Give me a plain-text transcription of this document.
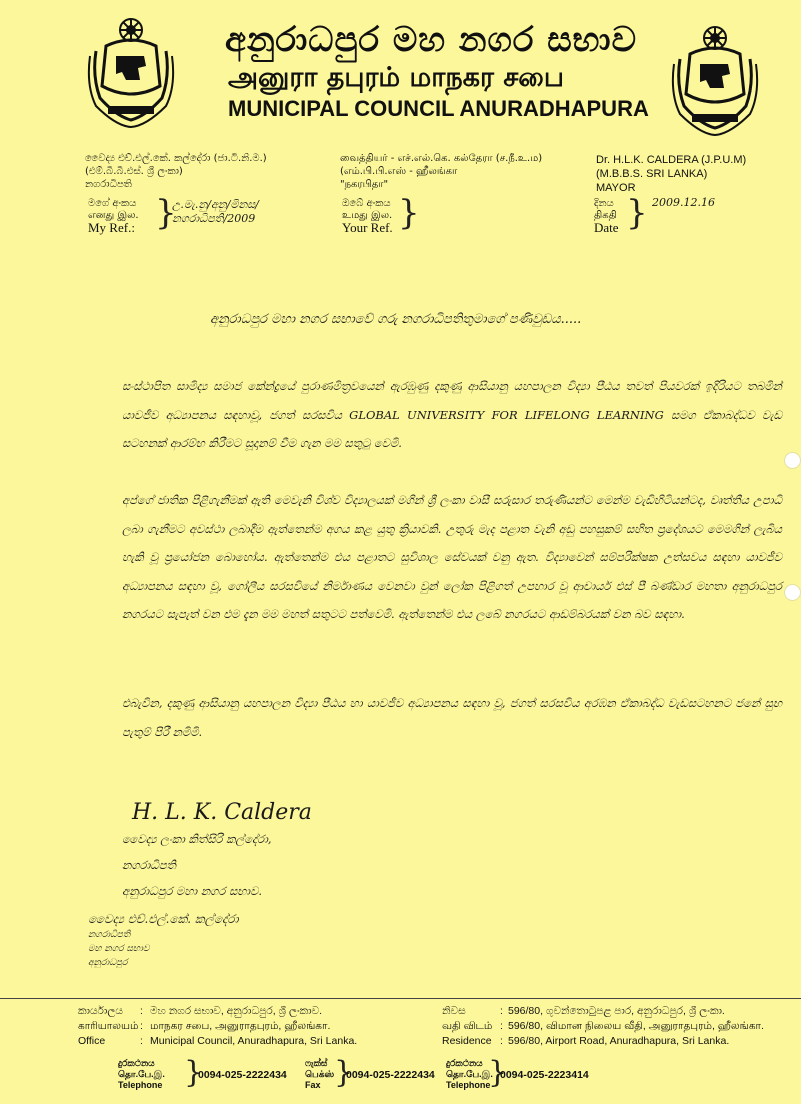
අනුරාධපුර මහ නගර සභාව
அனுரா தபுரம் மாநகர சபை
MUNICIPAL COUNCIL ANURADHAPURA
වෛද්‍ය එච්.එල්.කේ. කල්දේරා (ජා.ටි.නි.ම.)
(එම්.බී.බී.එස්. ශ්‍රී ලංකා)
නගරාධිපති
வைத்தியர் - எச்.எல்.கெ. கல்தேரா (ச.நீ.உ.ம)
(எம்.பி.பி.எஸ் - ஹீலங்கா
"நகரபிதா"
Dr. H.L.K. CALDERA (J.P.U.M)
(M.B.B.S. SRI LANKA)
MAYOR
මගේ අංකය
எனது இல.
My Ref.: }
උ.මැ.නු/අනු/මිනස/
නගරාධිපති/2009
ඔබේ අංකය
உமது இல.
Your Ref. }	දිනය
திகதி
Date } 2009.12.16
අනුරාධපුර මහා නගර සභාවේ ගරු නගරාධිපතිතුමාගේ පණිවුඩය.....
සංස්ථාපිත සාමිද්‍ය සමාජ කේන්ද්‍රයේ පුරාණමිත්‍රවයෙන් ඇරඹුණු දකුණු ආසියානු යහපාලන විද්‍යා පීඨය තවත් පියවරක් ඉදිරියට තබමින් යාවජීව අධ්‍යාපනය සඳහාවූ, ජගත් සරසවිය GLOBAL UNIVERSITY FOR LIFELONG LEARNING සමග ඒකාබද්ධව වැඩ සටහනක් ආරම්භ කිරීමට සූදානම් වීම ගැන මම සතුටු වෙමි.
අප්ගේ ජාතික පිළිගැනීමක් ඇති මෙවැනි විශ්ව විද්‍යාලයක් මගින් ශ්‍රී ලංකා වාසී සරුසාර තරුණියන්ට මෙන්ම වැඩිහිටියන්ටද, වෘත්තීය උපාධි ලබා ගැනීමට අවස්ථා ලබාදීම ඇත්තෙන්ම අගය කළ යුතු ක්‍රියාවකි. උතුරු මැද පළාත වැනි අඩු පහසුකම් සහිත ප්‍රදේශයට මෙමගින් ලැබිය හැකි වූ ප්‍රයෝජන බොහෝය. ඇත්තෙන්ම එය පළාතට සුවිශාල සේවයක් වනු ඇත. විද්‍යාවෙන් සම්පරික්ෂක උත්සවය සඳහා යාවජීව අධ්‍යාපනය සඳහා වූ, ගෝලීය සරසවියේ නිර්මාණය වෙනවා වුන් ලෝක පිළිගත් උපහාර වූ ආචාර්ය එස් පී බණ්ඩාර මහතා අනුරාධපුර නගරයට සැපැත් වන එම දැන මම මහත් සතුටට පත්වෙමි. ඇත්තෙන්ම එය ලබේ නගරයට ආඩම්බරයක් වන බව සඳහා.
එබැවින, දකුණු ආසියානු යහපාලන විද්‍යා පීඨය හා යාවජීව අධ්‍යාපනය සඳහා වූ, ජගත් සරසවිය අරඹන ඒකාබද්ධ වැඩසටහනට ජනේ සුභ පැතුම් පිරී නමිමි.
H. L. K. Caldera
වෛද්‍ය ලංකා කිත්සිරි කල්දේරා,
නගරාධිපති
අනුරාධපුර මහා නගර සභාව.
වෛද්‍ය එච්.එල්.කේ. කල්දේරා
නගරාධිපති
මහ නගර සභාව
අනුරාධපුර
කාර්යාලය
காரியாலயம்
Office
:
:
:
මහ නගර සභාව, අනුරාධපුර, ශ්‍රී ලංකාව.
மாநகர சபை, அனுராதபுரம், ஹீலங்கா.
Municipal Council, Anuradhapura, Sri Lanka.
නිවස
வதி விடம்
Residence
:
:
:
596/80, ගුවන්තොටුපළ පාර, අනුරාධපුර, ශ්‍රී ලංකා.
596/80, விமான நிலைய வீதி, அனுராதபுரம், ஹீலங்கா.
596/80, Airport Road, Anuradhapura, Sri Lanka.
දුරකථනය
தொ.பே.இ.
Telephone }
0094-025-2222434
ෆැක්ස්
பெக்ஸ்
Fax }
0094-025-2222434
දුරකථනය
தொ.பே.இ.
Telephone
}
0094-025-2223414
